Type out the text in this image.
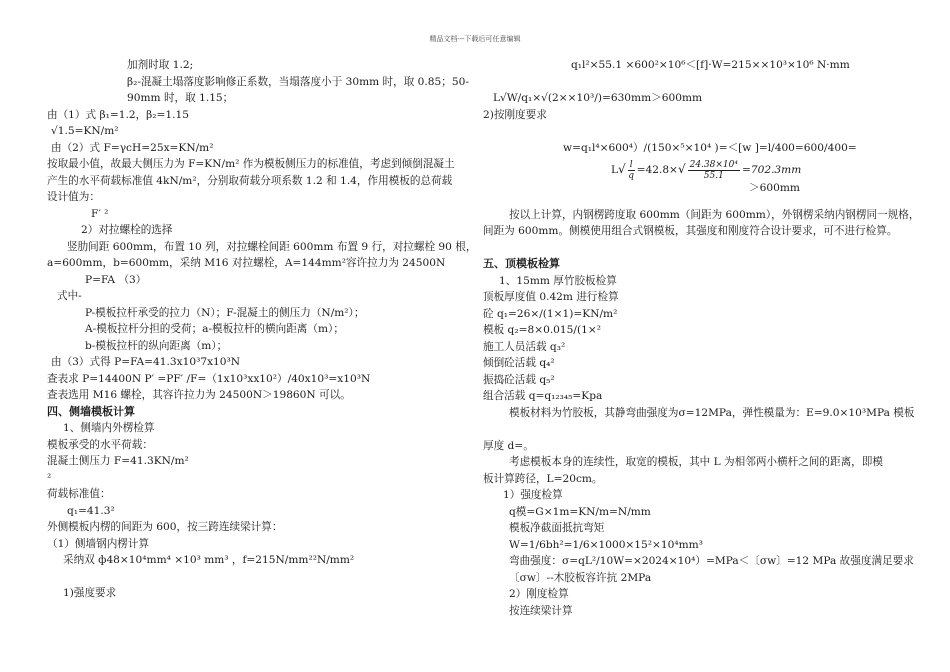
精品文档---下载后可任意编辑
加剂时取 1.2;
β₂-混凝土塌落度影响修正系数，当塌落度小于 30mm 时，取 0.85；50-
90mm 时，取 1.15；
由（1）式 β₁=1.2，β₂=1.15
√1.5=KN/m²
由（2）式 F=γcH=25x=KN/m²
按取最小值，故最大侧压力为 F=KN/m² 作为模板侧压力的标准值，考虑到倾倒混凝土
产生的水平荷载标准值 4kN/m²，分别取荷载分项系数 1.2 和 1.4，作用模板的总荷载
设计值为：
F′ ²
2）对拉螺栓的选择
竖肋间距 600mm，布置 10 列，对拉螺栓间距 600mm 布置 9 行，对拉螺栓 90 根，
a=600mm，b=600mm，采纳 M16 对拉螺栓，A=144mm²容许拉力为 24500N
P=FA （3）
式中-
P-模板拉杆承受的拉力（N）；F-混凝土的侧压力（N/m²）；
A-模板拉杆分担的受荷；a-模板拉杆的横向距离（m）；
b-模板拉杆的纵向距离（m）；
由（3）式得 P=FA=41.3x10³7x10³N
查表求 P=14400N P′ =PF′ /F=（1x10³xx10²）/40x10³=x10³N
查表选用 M16 螺栓，其容许拉力为 24500N＞19860N 可以。
四、侧墙模板计算
1、侧墙内外楞检算
模板承受的水平荷载：
混凝土侧压力 F=41.3KN/m²
²
荷载标准值：
q₁=41.3²
外侧模板内楞的间距为 600，按三跨连续梁计算：
（1）侧墙钢内楞计算
采纳双 ф48×10⁴mm⁴ ×10³ mm³ ，f=215N/mm²²N/mm²
1)强度要求
q₁l²×55.1 ×600²×10⁶＜[f]·W=215××10³×10⁶ N·mm
L√W/q₁×√(2××10³/)=630mm＞600mm
2)按刚度要求
w=q₁l⁴×600⁴）/(150×⁵×10⁴ )=＜[w ]=l/400=600/400=
$L√ \frac{l}{q} =42.8\times√ \frac{\text{24.38×10⁴}}{55.1} =702.3mm$
＞600mm
按以上计算，内钢楞跨度取 600mm（间距为 600mm），外钢楞采纳内钢楞同一规格，
间距为 600mm。侧模使用组合式钢模板，其强度和刚度符合设计要求，可不进行检算。
五、顶模板检算
1、15mm 厚竹胶板检算
顶板厚度值 0.42m 进行检算
砼 q₁=26×/(1×1)=KN/m²
模板 q₂=8×0.015/(1×²
施工人员活载 q₃²
倾倒砼活载 q₄²
振捣砼活载 q₅²
组合活载 q=q₁₂₃₄₅=Kpa
模板材料为竹胶板，其静弯曲强度为σ=12MPa，弹性模量为：E=9.0×10³MPa 模板
厚度 d=。
考虑模板本身的连续性，取宽的模板，其中 L 为相邻两小横杆之间的距离，即模
板计算跨径，L=20cm。
1）强度检算
q模=G×1m=KN/m=N/mm
模板净截面抵抗弯矩
W=1/6bh²=1/6×1000×15²×10⁴mm³
弯曲强度：σ=qL²/10W=×2024×10⁴）=MPa＜〔σw〕=12 MPa 故强度满足要求
〔σw〕--木胶板容许抗 2MPa
2）刚度检算
按连续梁计算
